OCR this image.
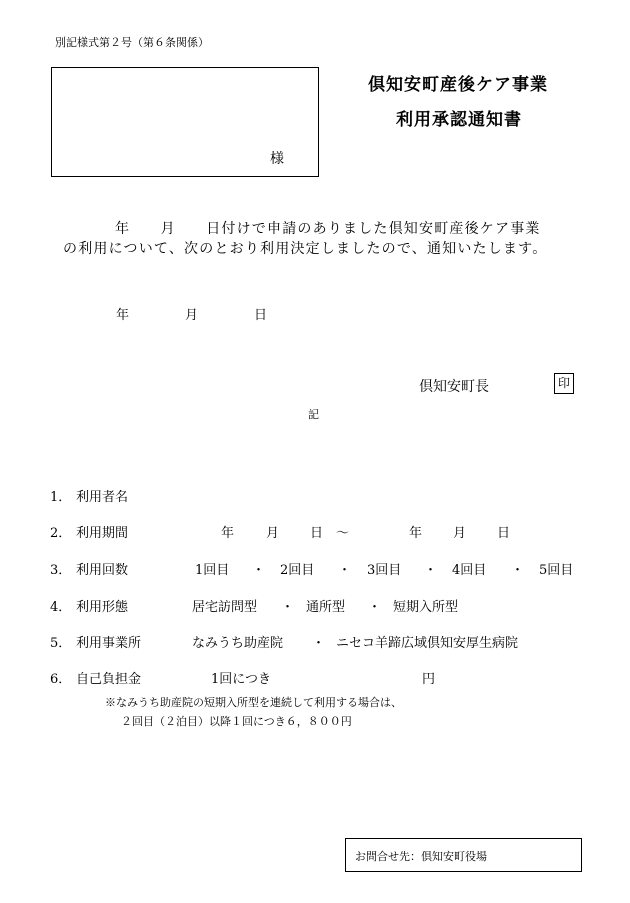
別記様式第２号（第６条関係）
様
倶知安町産後ケア事業
利用承認通知書
年　　月　　日付けで申請のありました倶知安町産後ケア事業
の利用について、次のとおり利用決定しましたので、通知いたします。
年	月	日
倶知安町長	印
記
1． 利用者名
2． 利用期間	年 月 日 ～	年 月 日
3． 利用回数	1回目 ・ 2回目 ・ 3回目 ・ 4回目 ・ 5回目
4． 利用形態	居宅訪問型 ・ 通所型 ・ 短期入所型
5． 利用事業所	なみうち助産院 ・ ニセコ羊蹄広域倶知安厚生病院
6． 自己負担金	1回につき	円
※なみうち助産院の短期入所型を連続して利用する場合は、
２回目（２泊目）以降１回につき６，８００円
お問合せ先：倶知安町役場
